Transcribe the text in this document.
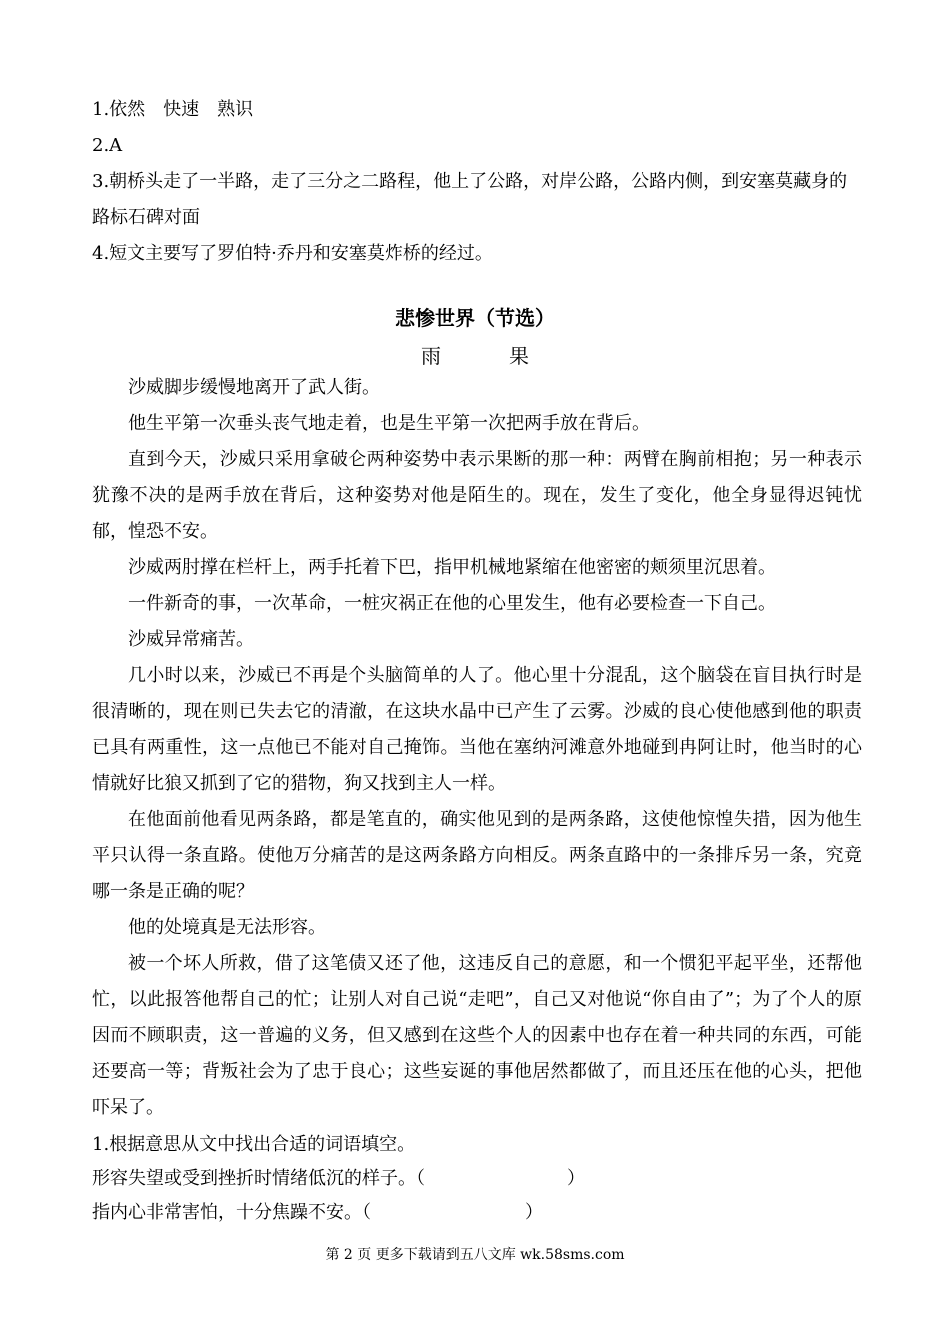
1.依然　快速　熟识

2.A

3.朝桥头走了一半路，走了三分之二路程，他上了公路，对岸公路，公路内侧，到安塞莫藏身的路标石碑对面

4.短文主要写了罗伯特·乔丹和安塞莫炸桥的经过。

悲惨世界（节选）
雨　果

沙威脚步缓慢地离开了武人街。

他生平第一次垂头丧气地走着，也是生平第一次把两手放在背后。

直到今天，沙威只采用拿破仑两种姿势中表示果断的那一种：两臂在胸前相抱；另一种表示犹豫不决的是两手放在背后，这种姿势对他是陌生的。现在，发生了变化，他全身显得迟钝忧郁，惶恐不安。

沙威两肘撑在栏杆上，两手托着下巴，指甲机械地紧缩在他密密的颊须里沉思着。

一件新奇的事，一次革命，一桩灾祸正在他的心里发生，他有必要检查一下自己。

沙威异常痛苦。

几小时以来，沙威已不再是个头脑简单的人了。他心里十分混乱，这个脑袋在盲目执行时是很清晰的，现在则已失去它的清澈，在这块水晶中已产生了云雾。沙威的良心使他感到他的职责已具有两重性，这一点他已不能对自己掩饰。当他在塞纳河滩意外地碰到冉阿让时，他当时的心情就好比狼又抓到了它的猎物，狗又找到主人一样。

在他面前他看见两条路，都是笔直的，确实他见到的是两条路，这使他惊惶失措，因为他生平只认得一条直路。使他万分痛苦的是这两条路方向相反。两条直路中的一条排斥另一条，究竟哪一条是正确的呢？

他的处境真是无法形容。

被一个坏人所救，借了这笔债又还了他，这违反自己的意愿，和一个惯犯平起平坐，还帮他忙，以此报答他帮自己的忙；让别人对自己说“走吧”，自己又对他说“你自由了”；为了个人的原因而不顾职责，这一普遍的义务，但又感到在这些个人的因素中也存在着一种共同的东西，可能还要高一等；背叛社会为了忠于良心；这些妄诞的事他居然都做了，而且还压在他的心头，把他吓呆了。

1.根据意思从文中找出合适的词语填空。

形容失望或受到挫折时情绪低沉的样子。（	）

指内心非常害怕，十分焦躁不安。（	）

第 2 页 更多下载请到五八文库 wk.58sms.com
